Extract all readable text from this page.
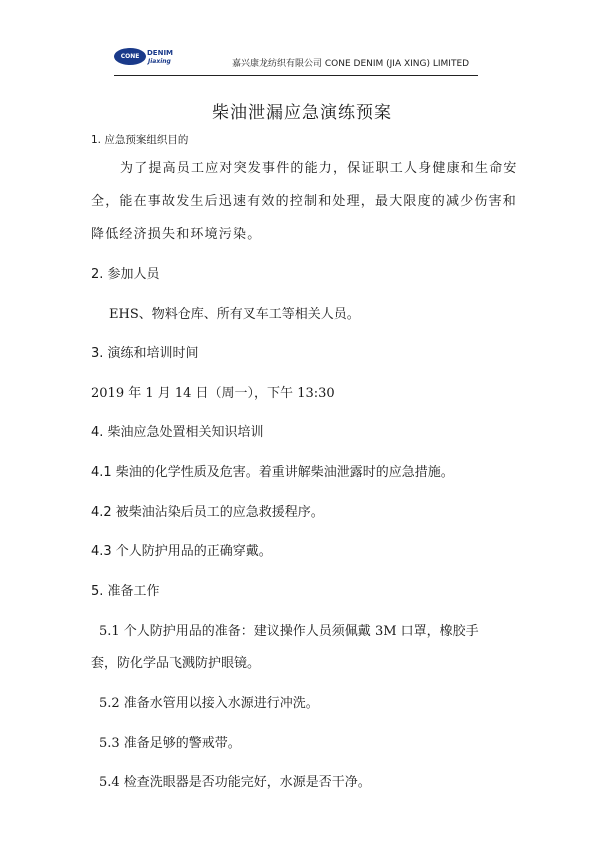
CONE	DENIM
Jiaxing	嘉兴康龙纺织有限公司 CONE DENIM (JIA XING) LIMITED
柴油泄漏应急演练预案
1. 应急预案组织目的
为了提高员工应对突发事件的能力，保证职工人身健康和生命安
全，能在事故发生后迅速有效的控制和处理，最大限度的减少伤害和
降低经济损失和环境污染。
2. 参加人员
EHS、物料仓库、所有叉车工等相关人员。
3. 演练和培训时间
2019 年 1 月 14 日（周一），下午 13:30
4. 柴油应急处置相关知识培训
4.1 柴油的化学性质及危害。着重讲解柴油泄露时的应急措施。
4.2 被柴油沾染后员工的应急救援程序。
4.3 个人防护用品的正确穿戴。
5. 准备工作
5.1 个人防护用品的准备：建议操作人员须佩戴 3M 口罩，橡胶手
套，防化学品飞溅防护眼镜。
5.2 准备水管用以接入水源进行冲洗。
5.3 准备足够的警戒带。
5.4 检查洗眼器是否功能完好，水源是否干净。
